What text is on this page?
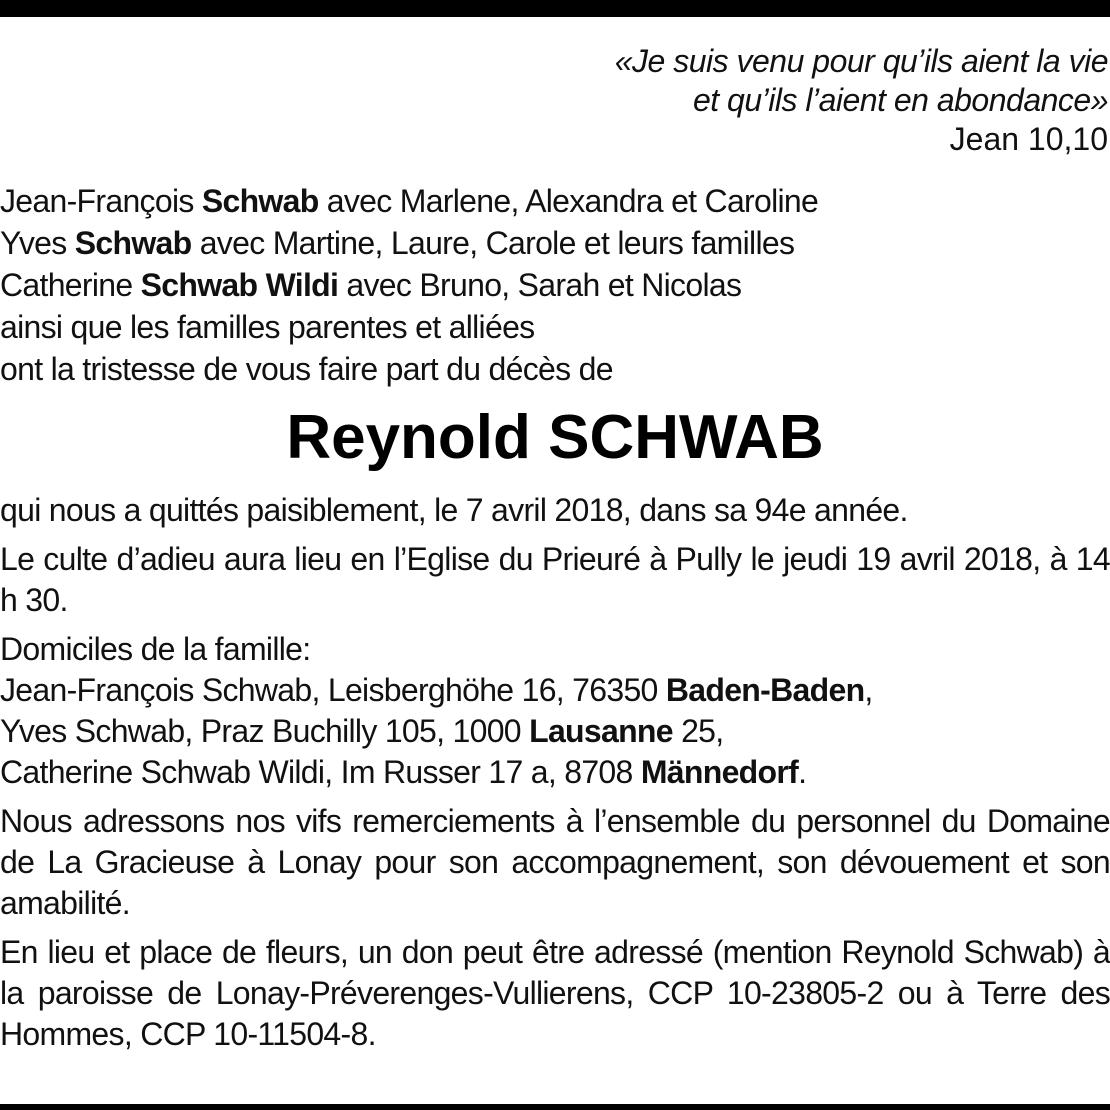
«Je suis venu pour qu’ils aient la vie
et qu’ils l’aient en abondance»
Jean 10,10
Jean-François Schwab avec Marlene, Alexandra et Caroline
Yves Schwab avec Martine, Laure, Carole et leurs familles
Catherine Schwab Wildi avec Bruno, Sarah et Nicolas
ainsi que les familles parentes et alliées
ont la tristesse de vous faire part du décès de
Reynold SCHWAB

qui nous a quittés paisiblement, le 7 avril 2018, dans sa 94e année.

Le culte d’adieu aura lieu en l’Eglise du Prieuré à Pully le jeudi 19 avril 2018, à 14 h 30.

Domiciles de la famille:
Jean-François Schwab, Leisberghöhe 16, 76350 Baden-Baden,
Yves Schwab, Praz Buchilly 105, 1000 Lausanne 25,
Catherine Schwab Wildi, Im Russer 17 a, 8708 Männedorf.

Nous adressons nos vifs remerciements à l’ensemble du personnel du Domaine de La Gracieuse à Lonay pour son accompagnement, son dévouement et son amabilité.

En lieu et place de fleurs, un don peut être adressé (mention Reynold Schwab) à la paroisse de Lonay-Préverenges-Vullierens, CCP 10-23805-2 ou à Terre des Hommes, CCP 10-11504-8.
